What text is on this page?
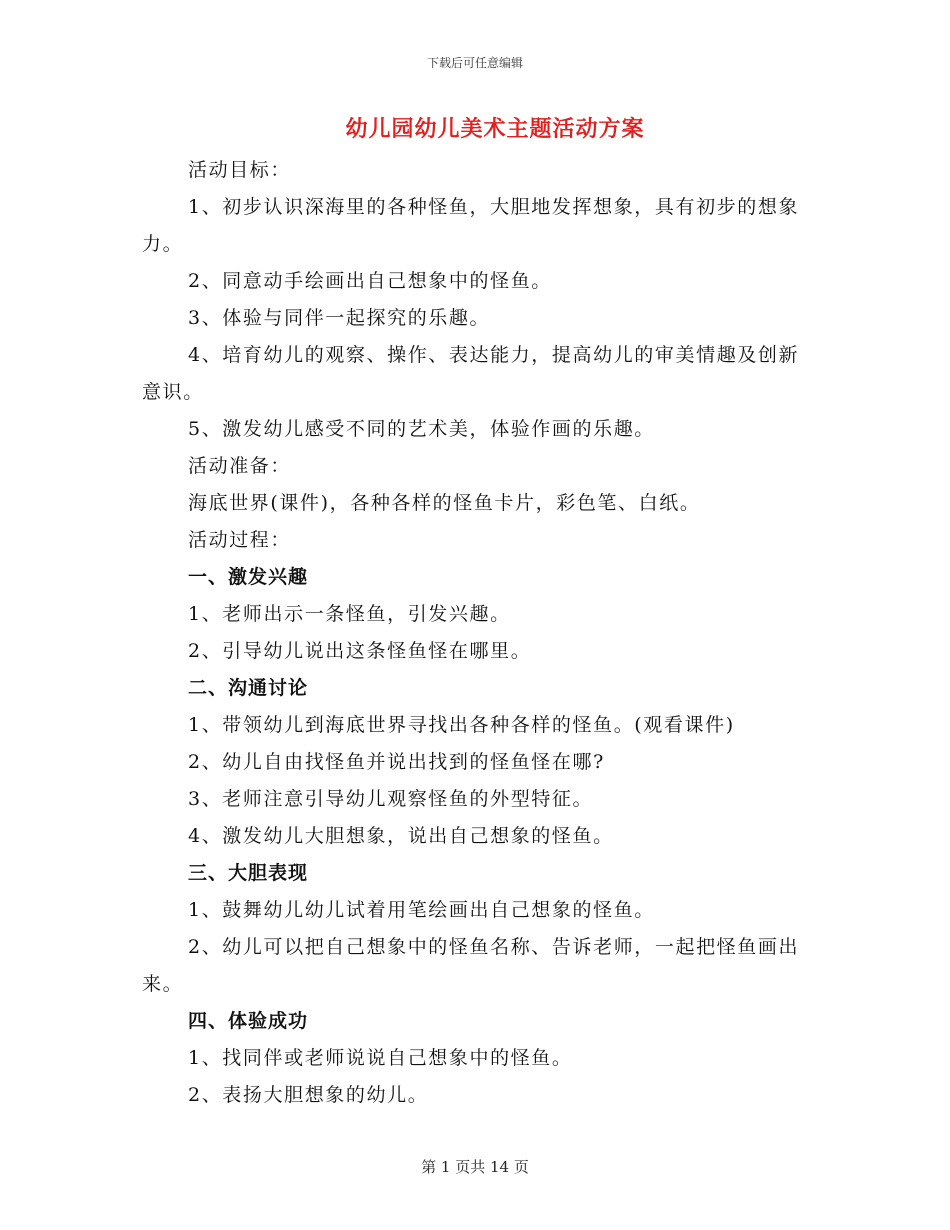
下载后可任意编辑
幼儿园幼儿美术主题活动方案

活动目标：

1、初步认识深海里的各种怪鱼，大胆地发挥想象，具有初步的想象力。

2、同意动手绘画出自己想象中的怪鱼。

3、体验与同伴一起探究的乐趣。

4、培育幼儿的观察、操作、表达能力，提高幼儿的审美情趣及创新意识。

5、激发幼儿感受不同的艺术美，体验作画的乐趣。

活动准备：

海底世界(课件)，各种各样的怪鱼卡片，彩色笔、白纸。

活动过程：

一、激发兴趣

1、老师出示一条怪鱼，引发兴趣。

2、引导幼儿说出这条怪鱼怪在哪里。

二、沟通讨论

1、带领幼儿到海底世界寻找出各种各样的怪鱼。(观看课件)

2、幼儿自由找怪鱼并说出找到的怪鱼怪在哪?

3、老师注意引导幼儿观察怪鱼的外型特征。

4、激发幼儿大胆想象，说出自己想象的怪鱼。

三、大胆表现

1、鼓舞幼儿幼儿试着用笔绘画出自己想象的怪鱼。

2、幼儿可以把自己想象中的怪鱼名称、告诉老师，一起把怪鱼画出来。

四、体验成功

1、找同伴或老师说说自己想象中的怪鱼。

2、表扬大胆想象的幼儿。

第 1 页共 14 页
